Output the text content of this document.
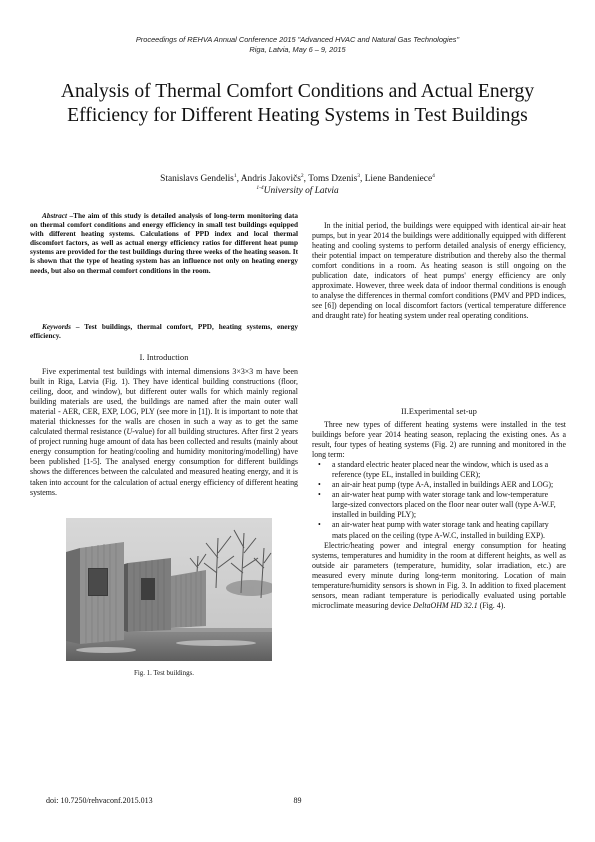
Proceedings of REHVA Annual Conference 2015 "Advanced HVAC and Natural Gas Technologies"
Riga, Latvia, May 6 – 9, 2015
Analysis of Thermal Comfort Conditions and Actual Energy Efficiency for Different Heating Systems in Test Buildings
Stanislavs Gendelis$^1$, Andris Jakovičs$^2$, Toms Dzenis$^3$, Liene Bandeniece$^4$
$^{1-4}$University of Latvia
Abstract –The aim of this study is detailed analysis of long-term monitoring data on thermal comfort conditions and energy efficiency in small test buildings equipped with different heating systems. Calculations of PPD index and local thermal discomfort factors, as well as actual energy efficiency ratios for different heat pump systems are provided for the test buildings during three weeks of the heating season. It is shown that the type of heating system has an influence not only on heating energy needs, but also on thermal comfort conditions in the room.
Keywords – Test buildings, thermal comfort, PPD, heating systems, energy efficiency.
I. Introduction

Five experimental test buildings with internal dimensions 3×3×3 m have been built in Riga, Latvia (Fig. 1). They have identical building constructions (floor, ceiling, door, and window), but different outer walls for which mainly regional building materials are used, the buildings are named after the main outer wall material - AER, CER, EXP, LOG, PLY (see more in [1]). It is important to note that material thicknesses for the walls are chosen in such a way as to get the same calculated thermal resistance (U-value) for all building structures. After first 2 years of project running huge amount of data has been collected and results (mainly about energy consumption for heating/cooling and humidity monitoring/modelling) have been published [1-5]. The analysed energy consumption for different buildings shows the differences between the calculated and measured heating energy, and it is taken into account for the calculation of actual energy efficiency of different heating systems.

Fig. 1. Test buildings.

In the initial period, the buildings were equipped with identical air-air heat pumps, but in year 2014 the buildings were additionally equipped with different heating and cooling systems to perform detailed analysis of energy efficiency, their potential impact on temperature distribution and thereby also the thermal comfort conditions in a room. As heating season is still ongoing on the publication date, indicators of heat pumps' energy efficiency are only approximate. However, three week data of indoor thermal conditions is enough to analyse the differences in thermal comfort conditions (PMV and PPD indices, see [6]) depending on local discomfort factors (vertical temperature difference and draught rate) for heating system under real operating conditions.

II.Experimental set-up

Three new types of different heating systems were installed in the test buildings before year 2014 heating season, replacing the existing ones. As a result, four types of heating systems (Fig. 2) are running and monitored in the long term:

• a standard electric heater placed near the window, which is used as a reference (type EL, installed in building CER);
• an air-air heat pump (type A-A, installed in buildings AER and LOG);
• an air-water heat pump with water storage tank and low-temperature large-sized convectors placed on the floor near outer wall (type A-W.F, installed in building PLY);
• an air-water heat pump with water storage tank and heating capillary mats placed on the ceiling (type A-W.C, installed in building EXP).

Electric/heating power and integral energy consumption for heating systems, temperatures and humidity in the room at different heights, as well as outside air parameters (temperature, humidity, solar irradiation, etc.) are measured every minute during long-term monitoring. Location of main temperature/humidity sensors is shown in Fig. 3. In addition to fixed placement sensors, mean radiant temperature is periodically evaluated using portable microclimate measuring device DeltaOHM HD 32.1 (Fig. 4).

doi: 10.7250/rehvaconf.2015.013	89
